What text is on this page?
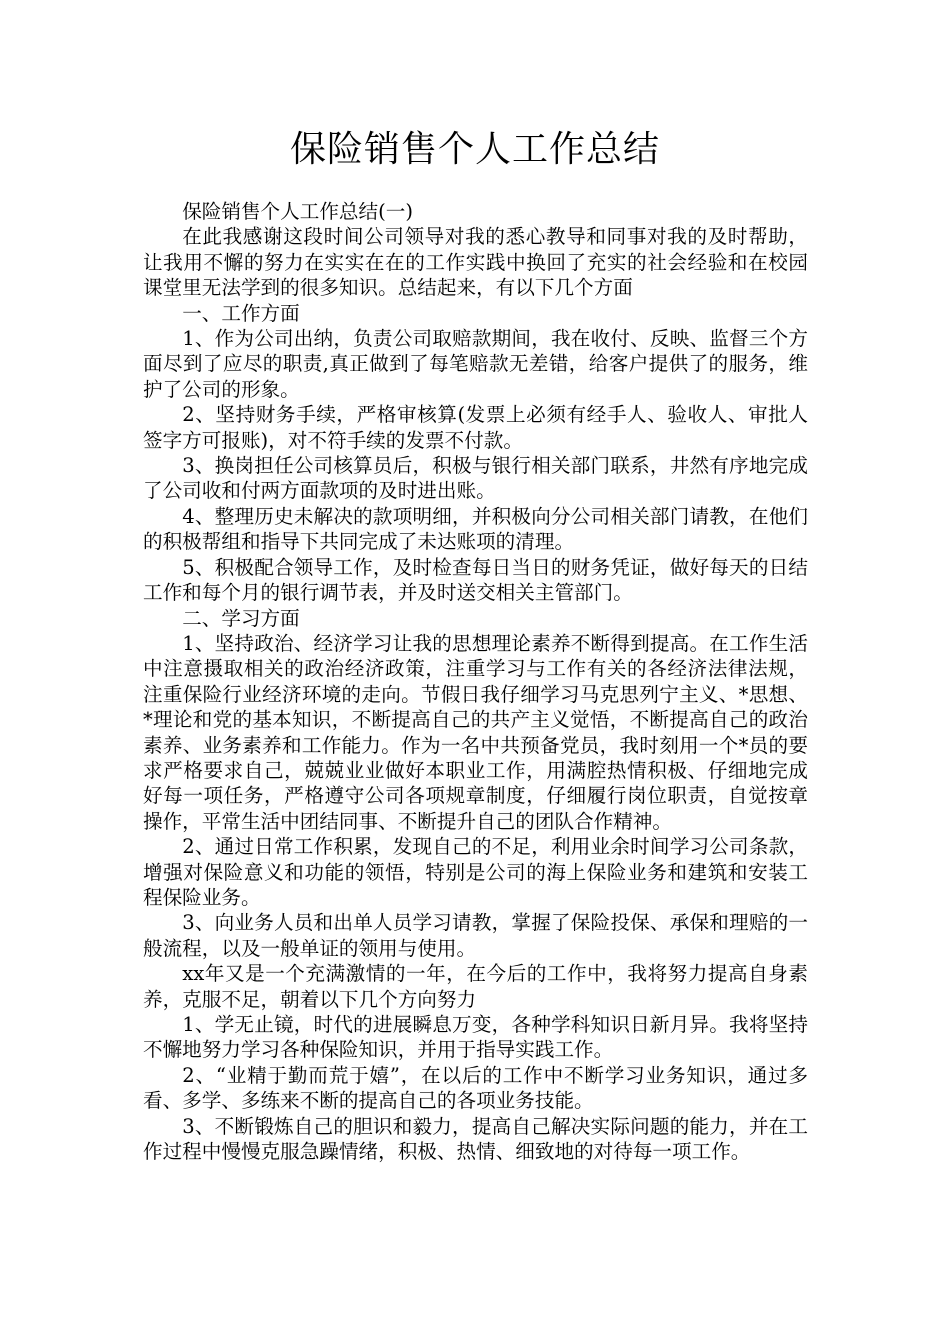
保险销售个人工作总结

保险销售个人工作总结(一)

在此我感谢这段时间公司领导对我的悉心教导和同事对我的及时帮助，让我用不懈的努力在实实在在的工作实践中换回了充实的社会经验和在校园课堂里无法学到的很多知识。总结起来，有以下几个方面

一、工作方面

1、作为公司出纳，负责公司取赔款期间，我在收付、反映、监督三个方面尽到了应尽的职责,真正做到了每笔赔款无差错，给客户提供了的服务，维护了公司的形象。

2、坚持财务手续，严格审核算(发票上必须有经手人、验收人、审批人签字方可报账)，对不符手续的发票不付款。

3、换岗担任公司核算员后，积极与银行相关部门联系，井然有序地完成了公司收和付两方面款项的及时进出账。

4、整理历史未解决的款项明细，并积极向分公司相关部门请教，在他们的积极帮组和指导下共同完成了未达账项的清理。

5、积极配合领导工作，及时检查每日当日的财务凭证，做好每天的日结工作和每个月的银行调节表，并及时送交相关主管部门。

二、学习方面

1、坚持政治、经济学习让我的思想理论素养不断得到提高。在工作生活中注意摄取相关的政治经济政策，注重学习与工作有关的各经济法律法规，注重保险行业经济环境的走向。节假日我仔细学习马克思列宁主义、*思想、*理论和党的基本知识，不断提高自己的共产主义觉悟，不断提高自己的政治素养、业务素养和工作能力。作为一名中共预备党员，我时刻用一个*员的要求严格要求自己，兢兢业业做好本职业工作，用满腔热情积极、仔细地完成好每一项任务，严格遵守公司各项规章制度，仔细履行岗位职责，自觉按章操作，平常生活中团结同事、不断提升自己的团队合作精神。

2、通过日常工作积累，发现自己的不足，利用业余时间学习公司条款，增强对保险意义和功能的领悟，特别是公司的海上保险业务和建筑和安装工程保险业务。

3、向业务人员和出单人员学习请教，掌握了保险投保、承保和理赔的一般流程，以及一般单证的领用与使用。

xx年又是一个充满激情的一年，在今后的工作中，我将努力提高自身素养，克服不足，朝着以下几个方向努力

1、学无止镜，时代的进展瞬息万变，各种学科知识日新月异。我将坚持不懈地努力学习各种保险知识，并用于指导实践工作。

2、“业精于勤而荒于嬉”，在以后的工作中不断学习业务知识，通过多看、多学、多练来不断的提高自己的各项业务技能。

3、不断锻炼自己的胆识和毅力，提高自己解决实际问题的能力，并在工作过程中慢慢克服急躁情绪，积极、热情、细致地的对待每一项工作。
